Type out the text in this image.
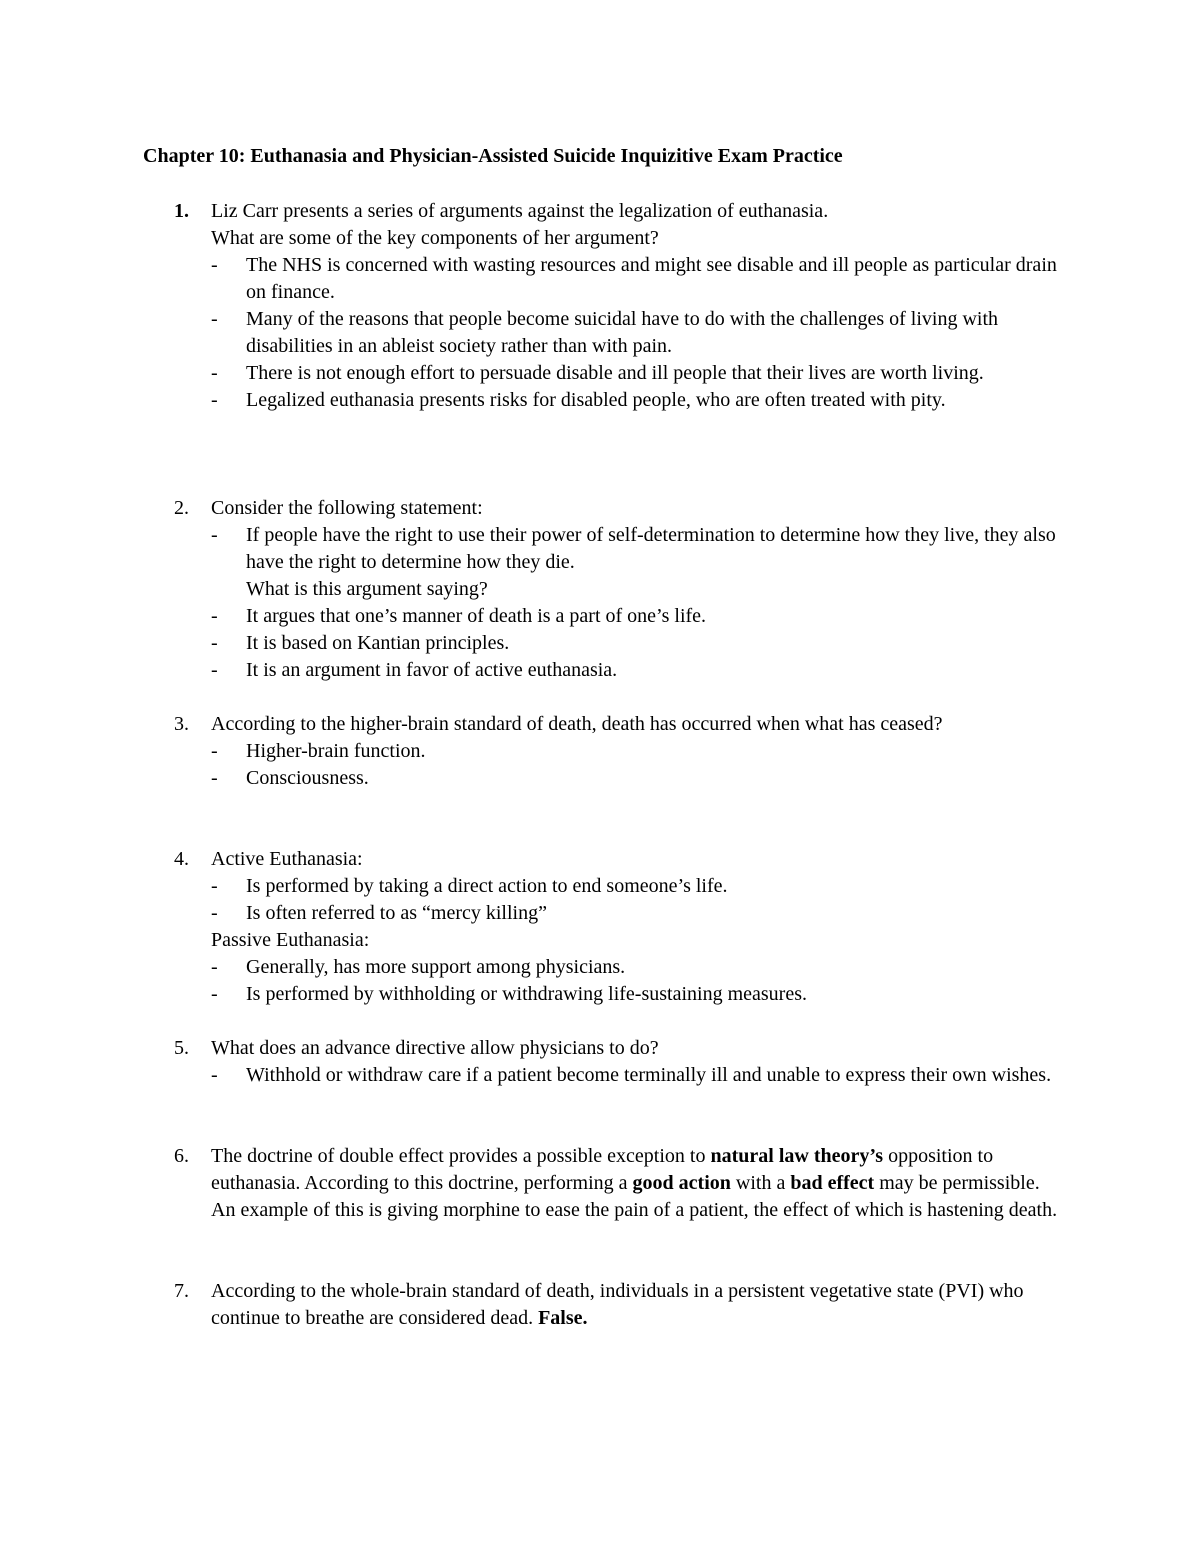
Chapter 10: Euthanasia and Physician-Assisted Suicide Inquizitive Exam Practice
1. Liz Carr presents a series of arguments against the legalization of euthanasia.
What are some of the key components of her argument?
- The NHS is concerned with wasting resources and might see disable and ill people as particular drain on finance.
- Many of the reasons that people become suicidal have to do with the challenges of living with disabilities in an ableist society rather than with pain.
- There is not enough effort to persuade disable and ill people that their lives are worth living.
- Legalized euthanasia presents risks for disabled people, who are often treated with pity.
2. Consider the following statement:
- If people have the right to use their power of self-determination to determine how they live, they also have the right to determine how they die.
What is this argument saying?
- It argues that one’s manner of death is a part of one’s life.
- It is based on Kantian principles.
- It is an argument in favor of active euthanasia.
3. According to the higher-brain standard of death, death has occurred when what has ceased?
- Higher-brain function.
- Consciousness.
4. Active Euthanasia:
- Is performed by taking a direct action to end someone’s life.
- Is often referred to as “mercy killing”
Passive Euthanasia:
- Generally, has more support among physicians.
- Is performed by withholding or withdrawing life-sustaining measures.
5. What does an advance directive allow physicians to do?
- Withhold or withdraw care if a patient become terminally ill and unable to express their own wishes.
6. The doctrine of double effect provides a possible exception to natural law theory’s opposition to euthanasia. According to this doctrine, performing a good action with a bad effect may be permissible. An example of this is giving morphine to ease the pain of a patient, the effect of which is hastening death.
7. According to the whole-brain standard of death, individuals in a persistent vegetative state (PVI) who continue to breathe are considered dead. False.
